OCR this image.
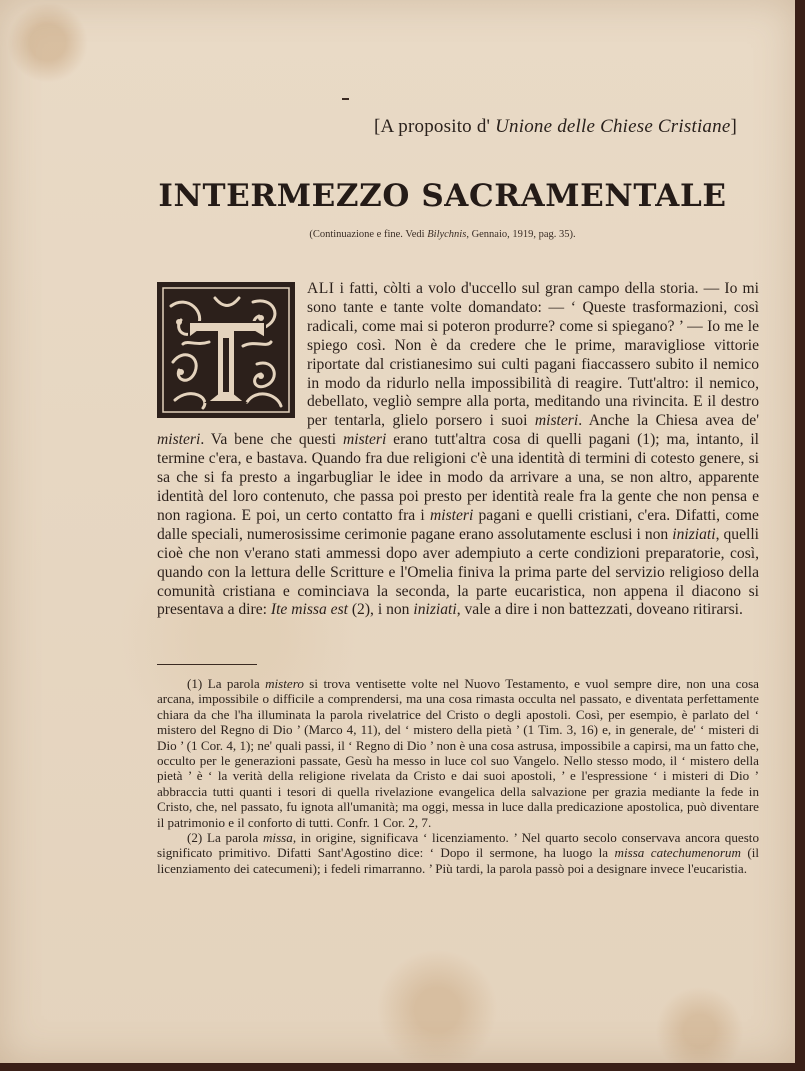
[A proposito d' Unione delle Chiese Cristiane]
INTERMEZZO SACRAMENTALE
(Continuazione e fine. Vedi Bilychnis, Gennaio, 1919, pag. 35).
ALI i fatti, còlti a volo d'uccello sul gran campo della storia. — Io mi sono tante e tante volte domandato: — ‘ Queste trasformazioni, così radicali, come mai si poteron produrre? come si spiegano? ’ — Io me le spiego così. Non è da credere che le prime, maravigliose vittorie riportate dal cristianesimo sui culti pagani fiaccassero subito il nemico in modo da ridurlo nella impossibilità di reagire. Tutt'altro: il nemico, debellato, vegliò sempre alla porta, meditando una rivincita. E il destro per tentarla, glielo porsero i suoi misteri. Anche la Chiesa avea de' misteri. Va bene che questi misteri erano tutt'altra cosa di quelli pagani (1); ma, intanto, il termine c'era, e bastava. Quando fra due religioni c'è una identità di termini di cotesto genere, si sa che si fa presto a ingarbugliar le idee in modo da arrivare a una, se non altro, apparente identità del loro contenuto, che passa poi presto per identità reale fra la gente che non pensa e non ragiona. E poi, un certo contatto fra i misteri pagani e quelli cristiani, c'era. Difatti, come dalle speciali, numerosissime cerimonie pagane erano assolutamente esclusi i non iniziati, quelli cioè che non v'erano stati ammessi dopo aver adempiuto a certe condizioni preparatorie, così, quando con la lettura delle Scritture e l'Omelia finiva la prima parte del servizio religioso della comunità cristiana e cominciava la seconda, la parte eucaristica, non appena il diacono si presentava a dire: Ite missa est (2), i non iniziati, vale a dire i non battezzati, doveano ritirarsi.

(1) La parola mistero si trova ventisette volte nel Nuovo Testamento, e vuol sempre dire, non una cosa arcana, impossibile o difficile a comprendersi, ma una cosa rimasta occulta nel passato, e diventata perfettamente chiara da che l'ha illuminata la parola rivelatrice del Cristo o degli apostoli. Così, per esempio, è parlato del ‘ mistero del Regno di Dio ’ (Marco 4, 11), del ‘ mistero della pietà ’ (1 Tim. 3, 16) e, in generale, de' ‘ misteri di Dio ’ (1 Cor. 4, 1); ne' quali passi, il ‘ Regno di Dio ’ non è una cosa astrusa, impossibile a capirsi, ma un fatto che, occulto per le generazioni passate, Gesù ha messo in luce col suo Vangelo. Nello stesso modo, il ‘ mistero della pietà ’ è ‘ la verità della religione rivelata da Cristo e dai suoi apostoli, ’ e l'espressione ‘ i misteri di Dio ’ abbraccia tutti quanti i tesori di quella rivelazione evangelica della salvazione per grazia mediante la fede in Cristo, che, nel passato, fu ignota all'umanità; ma oggi, messa in luce dalla predicazione apostolica, può diventare il patrimonio e il conforto di tutti. Confr. 1 Cor. 2, 7.

(2) La parola missa, in origine, significava ‘ licenziamento. ’ Nel quarto secolo conservava ancora questo significato primitivo. Difatti Sant'Agostino dice: ‘ Dopo il sermone, ha luogo la missa catechumenorum (il licenziamento dei catecumeni); i fedeli rimarranno. ’ Più tardi, la parola passò poi a designare invece l'eucaristia.
